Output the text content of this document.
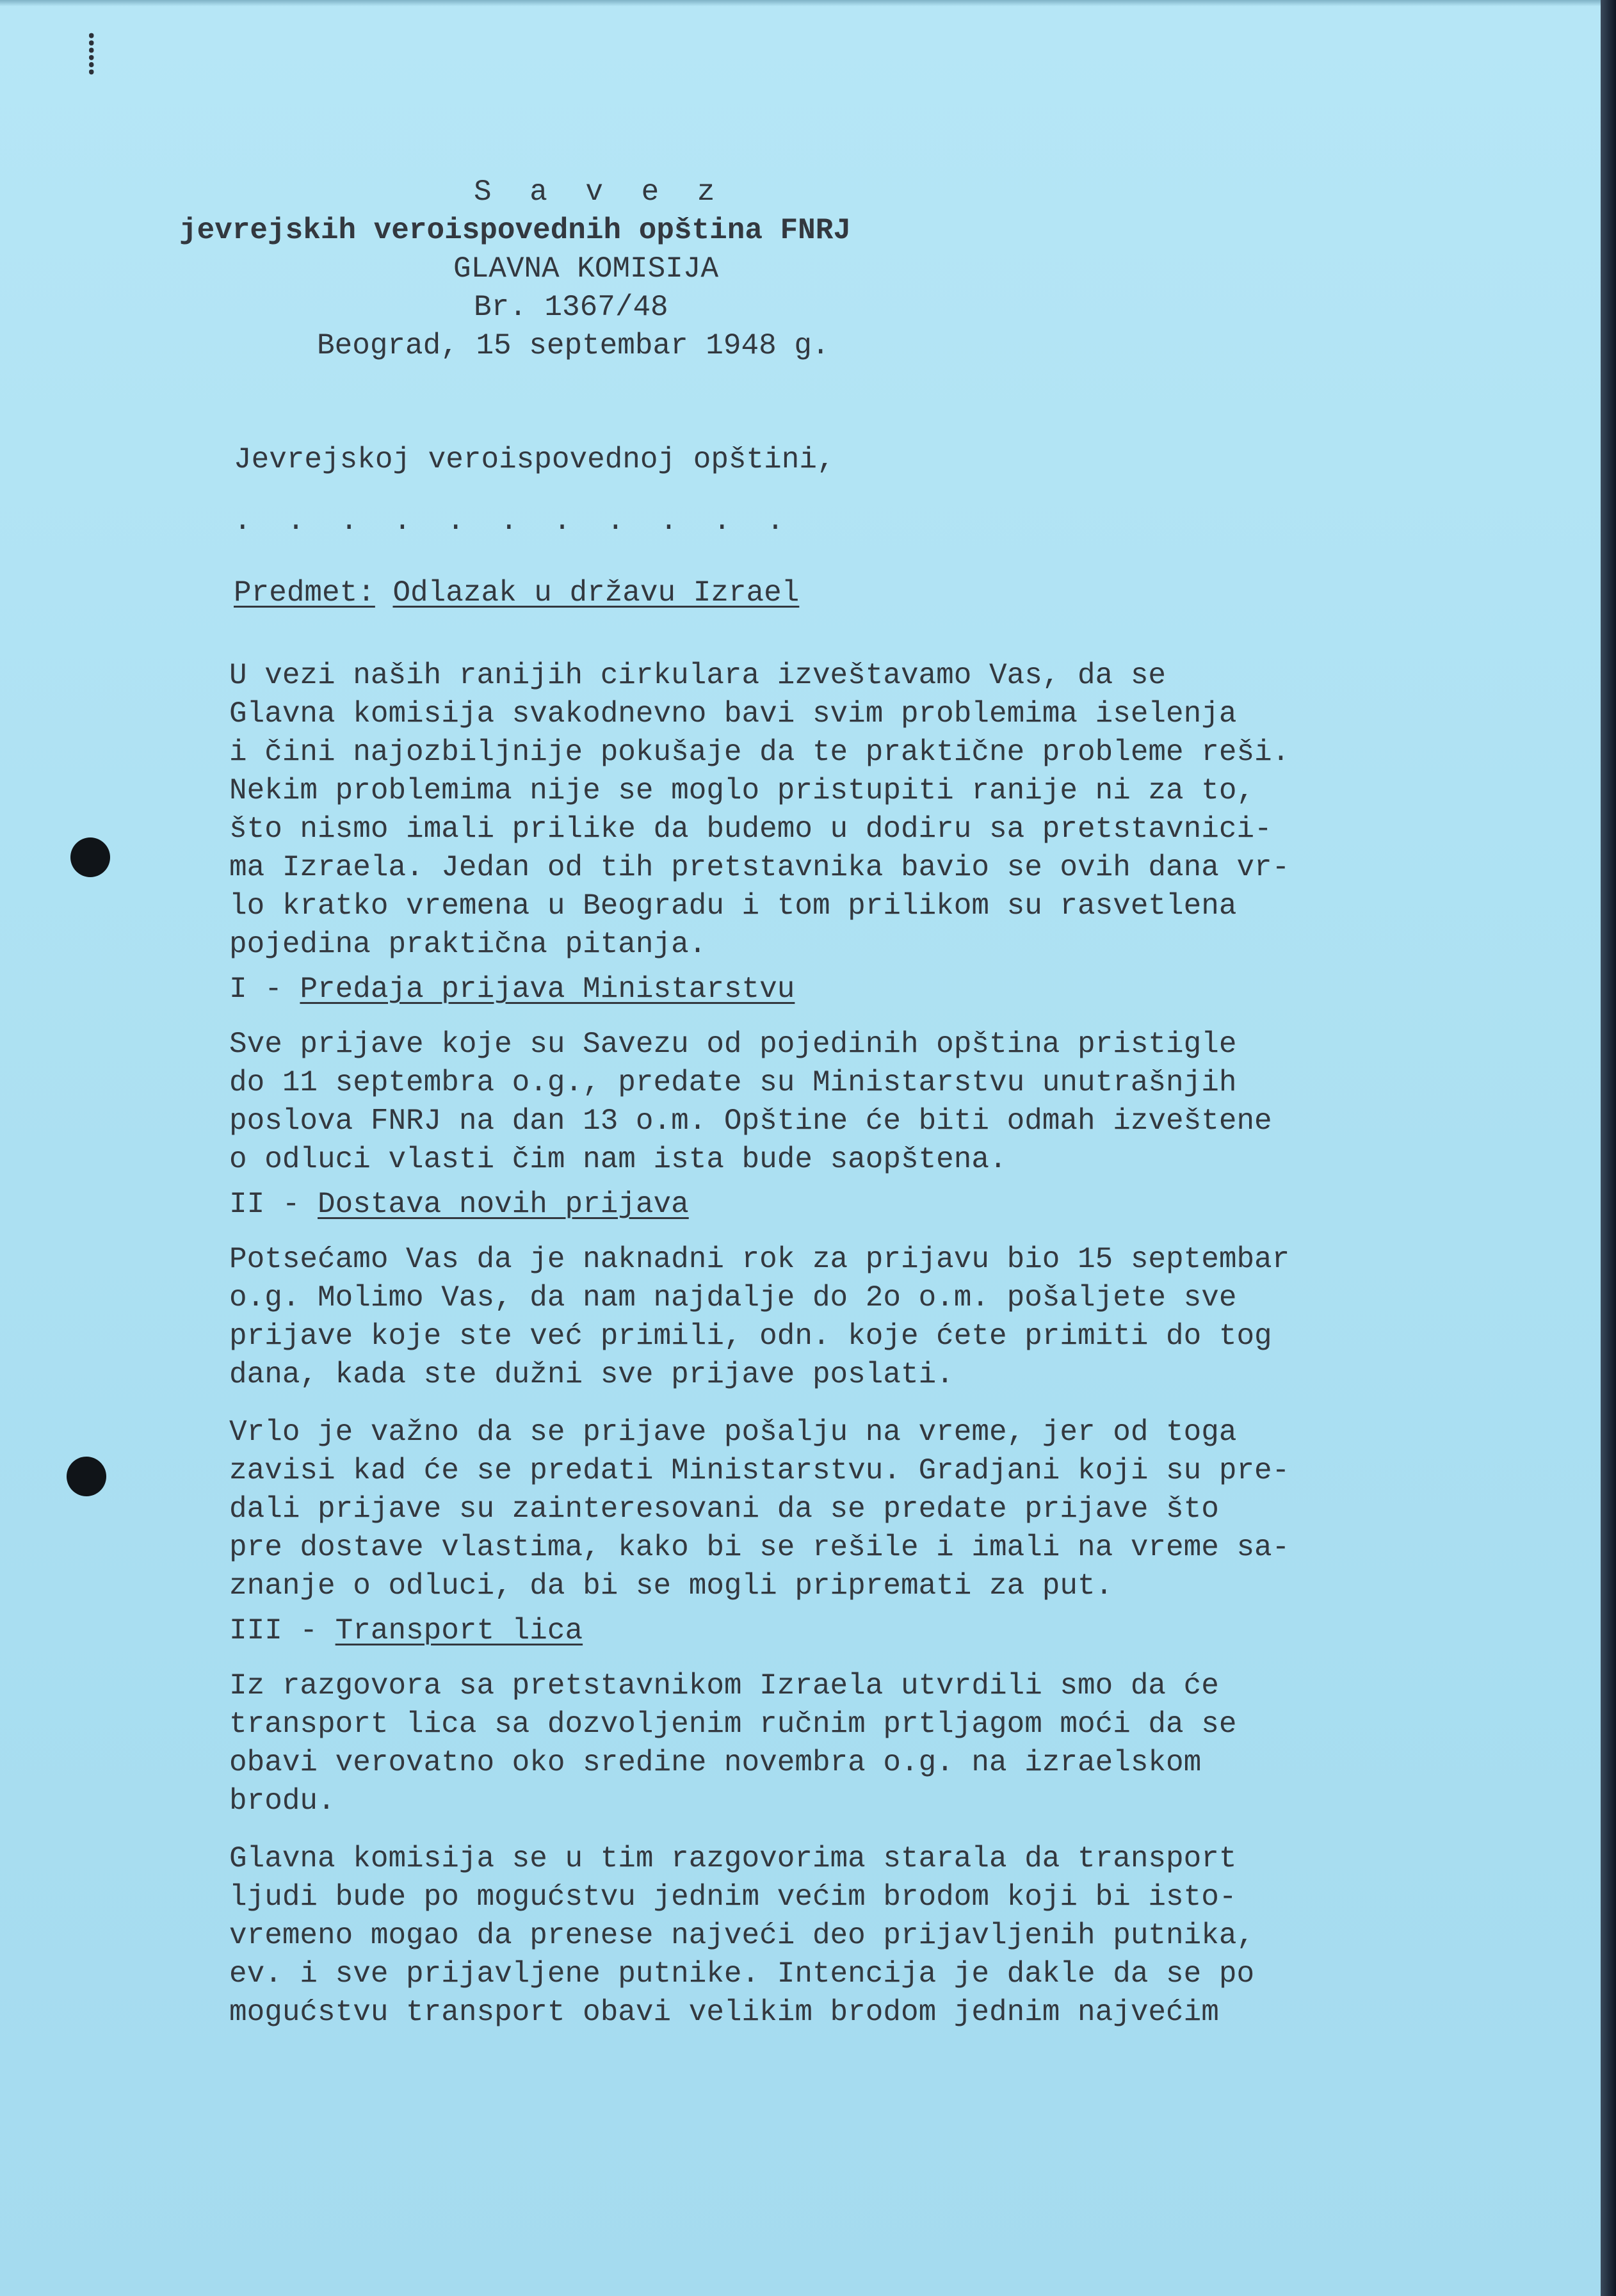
⸽
S a v e z
jevrejskih veroispovednih opština FNRJ
GLAVNA KOMISIJA
Br. 1367/48
Beograd, 15 septembar 1948 g.
Jevrejskoj veroispovednoj opštini,
. . . . . . . . . . .
Predmet: Odlazak u državu Izrael
U vezi naših ranijih cirkulara izveštavamo Vas, da se
Glavna komisija svakodnevno bavi svim problemima iselenja
i čini najozbiljnije pokušaje da te praktične probleme reši.
Nekim problemima nije se moglo pristupiti ranije ni za to,
što nismo imali prilike da budemo u dodiru sa pretstavnici-
ma Izraela. Jedan od tih pretstavnika bavio se ovih dana vr-
lo kratko vremena u Beogradu i tom prilikom su rasvetlena
pojedina praktična pitanja.
I - Predaja prijava Ministarstvu
Sve prijave koje su Savezu od pojedinih opština pristigle
do 11 septembra o.g., predate su Ministarstvu unutrašnjih
poslova FNRJ na dan 13 o.m. Opštine će biti odmah izveštene
o odluci vlasti čim nam ista bude saopštena.
II - Dostava novih prijava
Potsećamo Vas da je naknadni rok za prijavu bio 15 septembar
o.g. Molimo Vas, da nam najdalje do 2o o.m. pošaljete sve
prijave koje ste već primili, odn. koje ćete primiti do tog
dana, kada ste dužni sve prijave poslati.
Vrlo je važno da se prijave pošalju na vreme, jer od toga
zavisi kad će se predati Ministarstvu. Gradjani koji su pre-
dali prijave su zainteresovani da se predate prijave što
pre dostave vlastima, kako bi se rešile i imali na vreme sa-
znanje o odluci, da bi se mogli pripremati za put.
III - Transport lica
Iz razgovora sa pretstavnikom Izraela utvrdili smo da će
transport lica sa dozvoljenim ručnim prtljagom moći da se
obavi verovatno oko sredine novembra o.g. na izraelskom
brodu.
Glavna komisija se u tim razgovorima starala da transport
ljudi bude po mogućstvu jednim većim brodom koji bi isto-
vremeno mogao da prenese najveći deo prijavljenih putnika,
ev. i sve prijavljene putnike. Intencija je dakle da se po
mogućstvu transport obavi velikim brodom jednim najvećim
